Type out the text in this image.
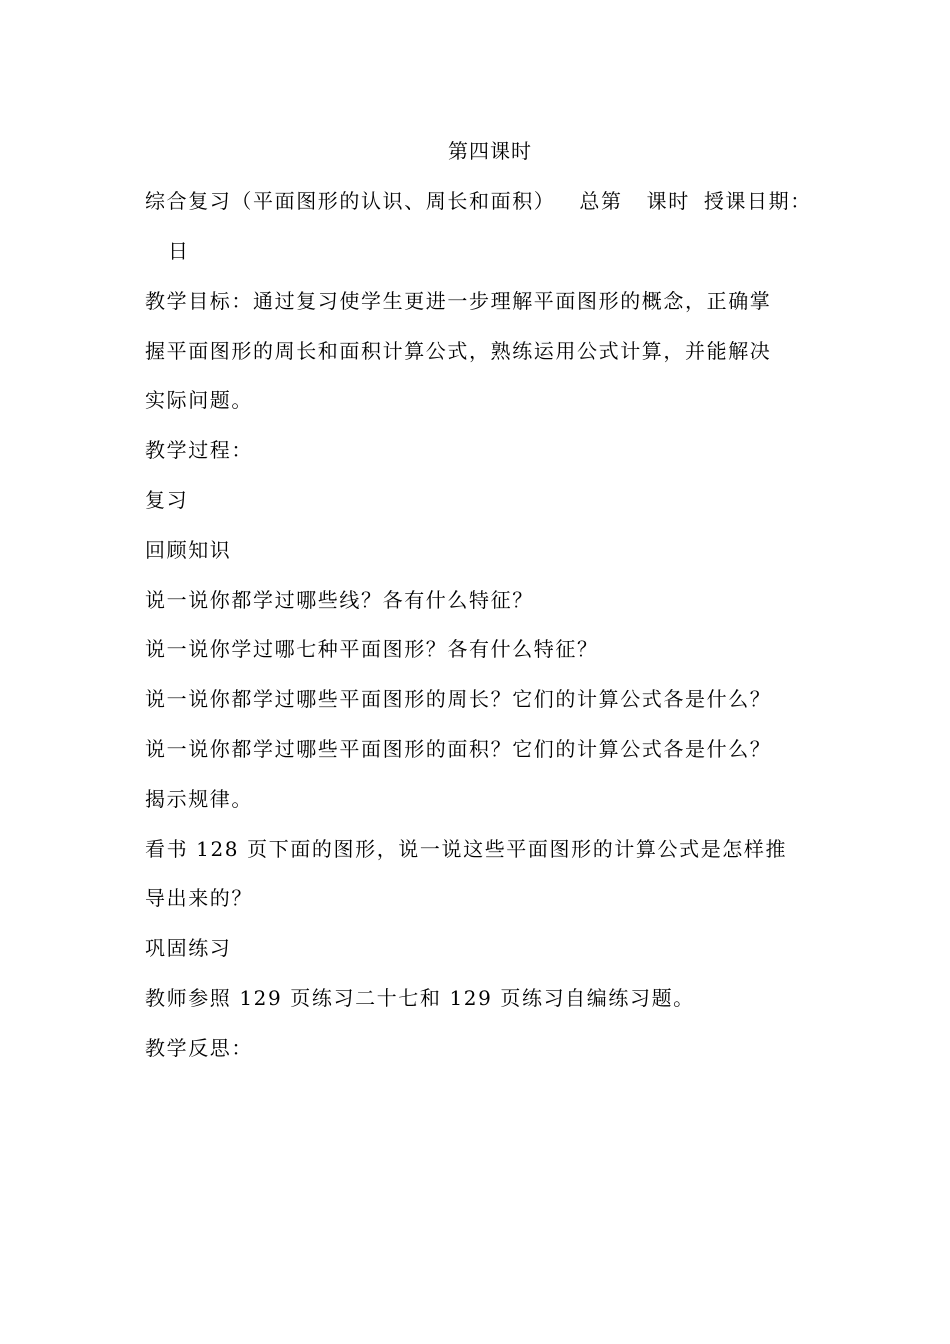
第四课时
综合复习（平面图形的认识、周长和面积） 总第 课时 授课日期：
日
教学目标：通过复习使学生更进一步理解平面图形的概念，正确掌
握平面图形的周长和面积计算公式，熟练运用公式计算，并能解决
实际问题。
教学过程：
复习
回顾知识
说一说你都学过哪些线？各有什么特征？
说一说你学过哪七种平面图形？各有什么特征？
说一说你都学过哪些平面图形的周长？它们的计算公式各是什么？
说一说你都学过哪些平面图形的面积？它们的计算公式各是什么？
揭示规律。
看书 128 页下面的图形，说一说这些平面图形的计算公式是怎样推
导出来的？
巩固练习
教师参照 129 页练习二十七和 129 页练习自编练习题。
教学反思：
